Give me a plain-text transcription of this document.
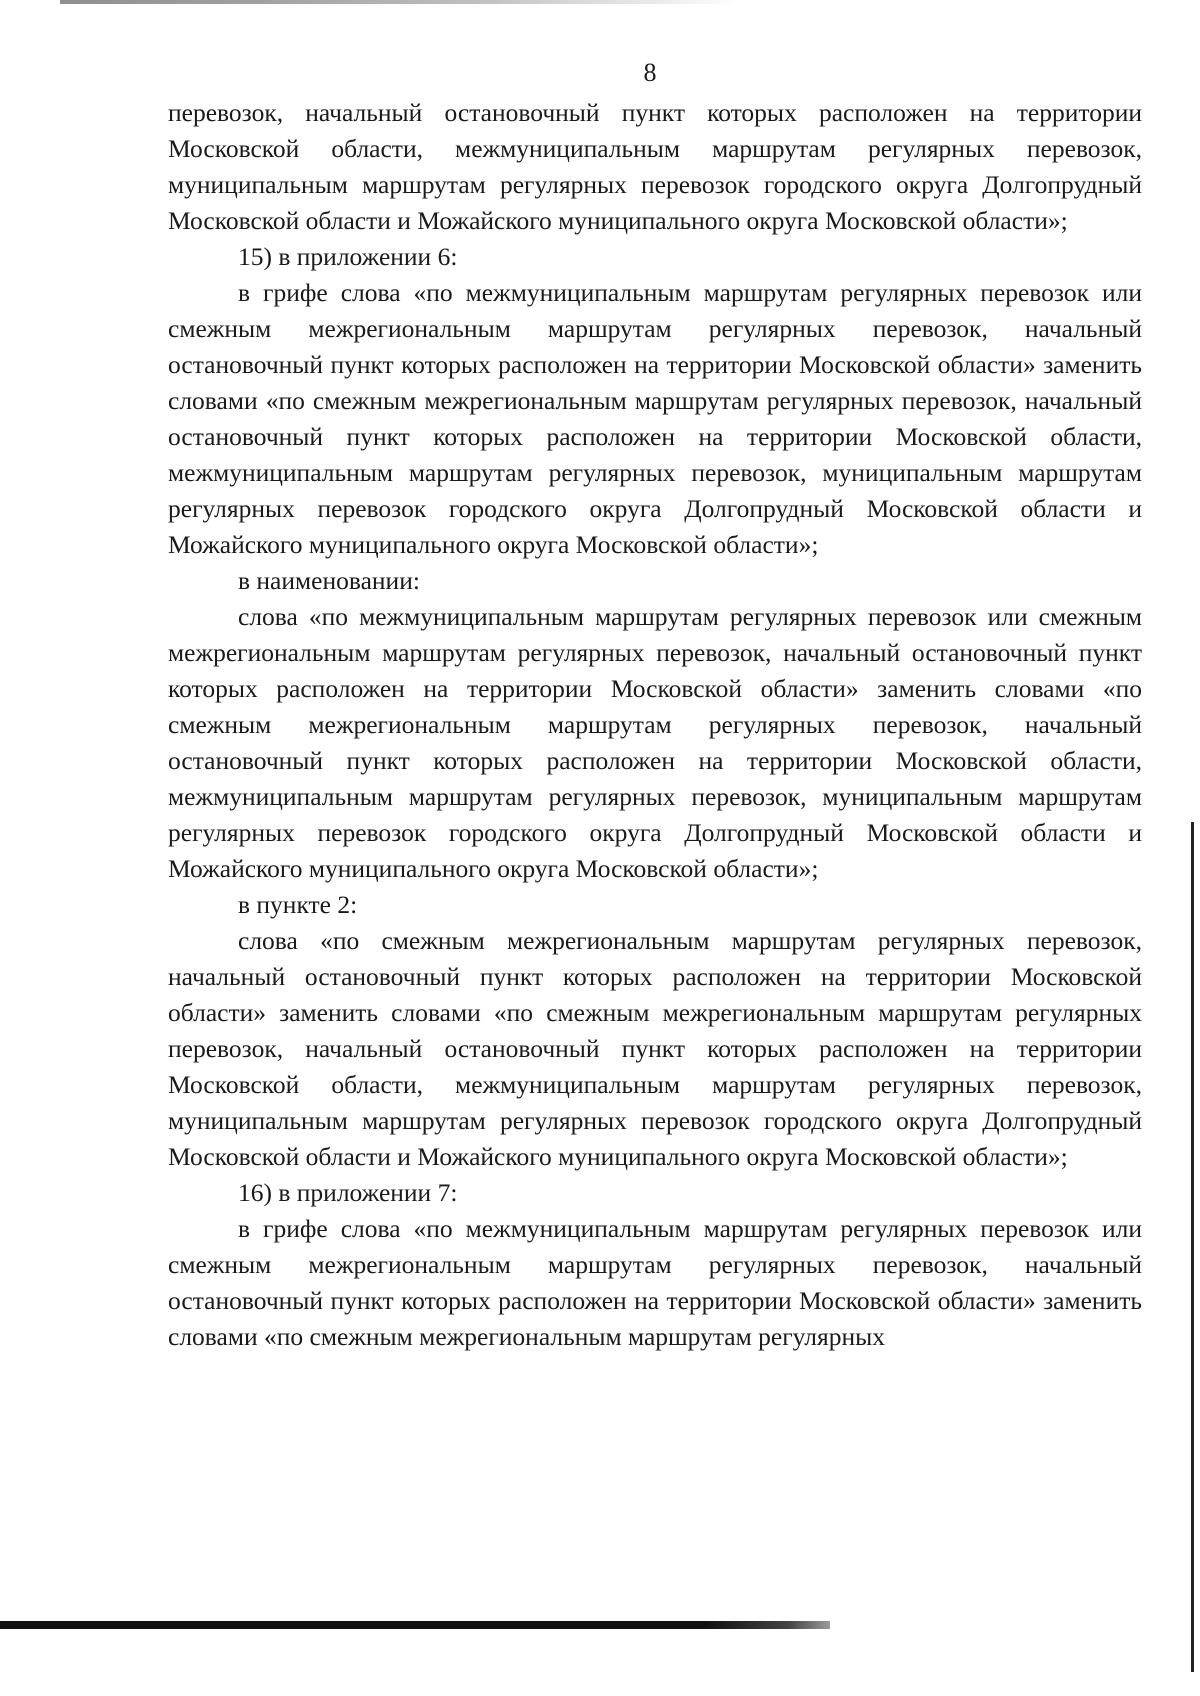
8

перевозок, начальный остановочный пункт которых расположен на территории Московской области, межмуниципальным маршрутам регулярных перевозок, муниципальным маршрутам регулярных перевозок городского округа Долгопрудный Московской области и Можайского муниципального округа Московской области»;

15) в приложении 6:

в грифе слова «по межмуниципальным маршрутам регулярных перевозок или смежным межрегиональным маршрутам регулярных перевозок, начальный остановочный пункт которых расположен на территории Московской области» заменить словами «по смежным межрегиональным маршрутам регулярных перевозок, начальный остановочный пункт которых расположен на территории Московской области, межмуниципальным маршрутам регулярных перевозок, муниципальным маршрутам регулярных перевозок городского округа Долгопрудный Московской области и Можайского муниципального округа Московской области»;

в наименовании:

слова «по межмуниципальным маршрутам регулярных перевозок или смежным межрегиональным маршрутам регулярных перевозок, начальный остановочный пункт которых расположен на территории Московской области» заменить словами «по смежным межрегиональным маршрутам регулярных перевозок, начальный остановочный пункт которых расположен на территории Московской области, межмуниципальным маршрутам регулярных перевозок, муниципальным маршрутам регулярных перевозок городского округа Долгопрудный Московской области и Можайского муниципального округа Московской области»;

в пункте 2:

слова «по смежным межрегиональным маршрутам регулярных перевозок, начальный остановочный пункт которых расположен на территории Московской области» заменить словами «по смежным межрегиональным маршрутам регулярных перевозок, начальный остановочный пункт которых расположен на территории Московской области, межмуниципальным маршрутам регулярных перевозок, муниципальным маршрутам регулярных перевозок городского округа Долгопрудный Московской области и Можайского муниципального округа Московской области»;

16) в приложении 7:

в грифе слова «по межмуниципальным маршрутам регулярных перевозок или смежным межрегиональным маршрутам регулярных перевозок, начальный остановочный пункт которых расположен на территории Московской области» заменить словами «по смежным межрегиональным маршрутам регулярных
